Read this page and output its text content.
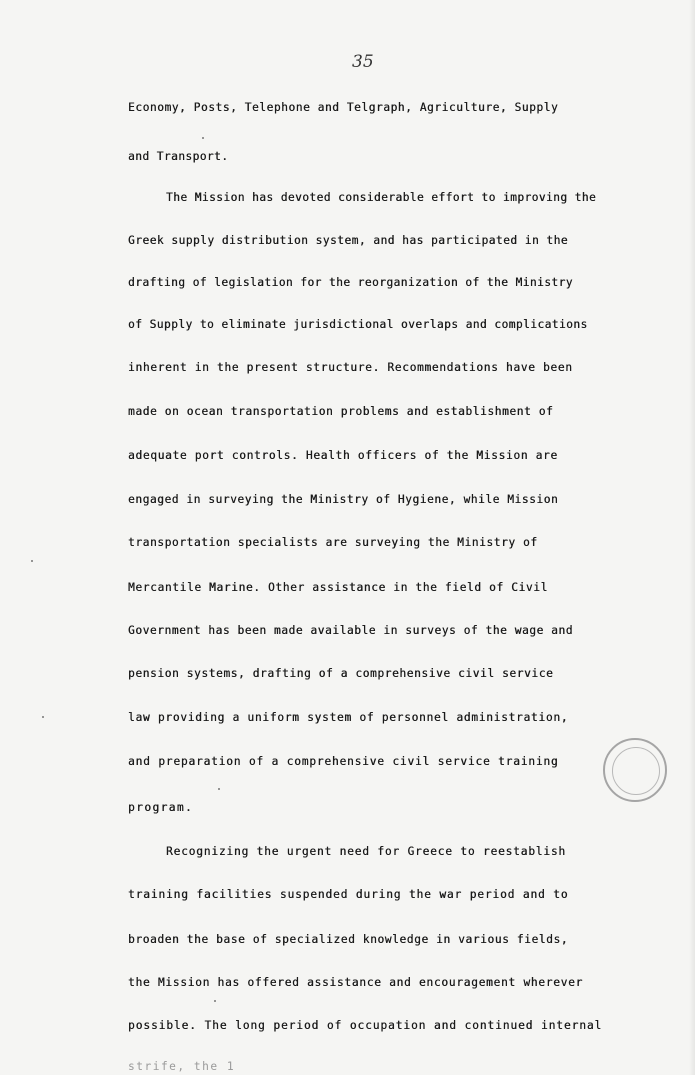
35
Economy, Posts, Telephone and Telgraph, Agriculture, Supply
and Transport.
The Mission has devoted considerable effort to improving the
Greek supply distribution system, and has participated in the
drafting of legislation for the reorganization of the Ministry
of Supply to eliminate jurisdictional overlaps and complications
inherent in the present structure. Recommendations have been
made on ocean transportation problems and establishment of
adequate port controls. Health officers of the Mission are
engaged in surveying the Ministry of Hygiene, while Mission
transportation specialists are surveying the Ministry of
Mercantile Marine. Other assistance in the field of Civil
Government has been made available in surveys of the wage and
pension systems, drafting of a comprehensive civil service
law providing a uniform system of personnel administration,
and preparation of a comprehensive civil service training
program.
Recognizing the urgent need for Greece to reestablish
training facilities suspended during the war period and to
broaden the base of specialized knowledge in various fields,
the Mission has offered assistance and encouragement wherever
possible. The long period of occupation and continued internal
strife, the 1
